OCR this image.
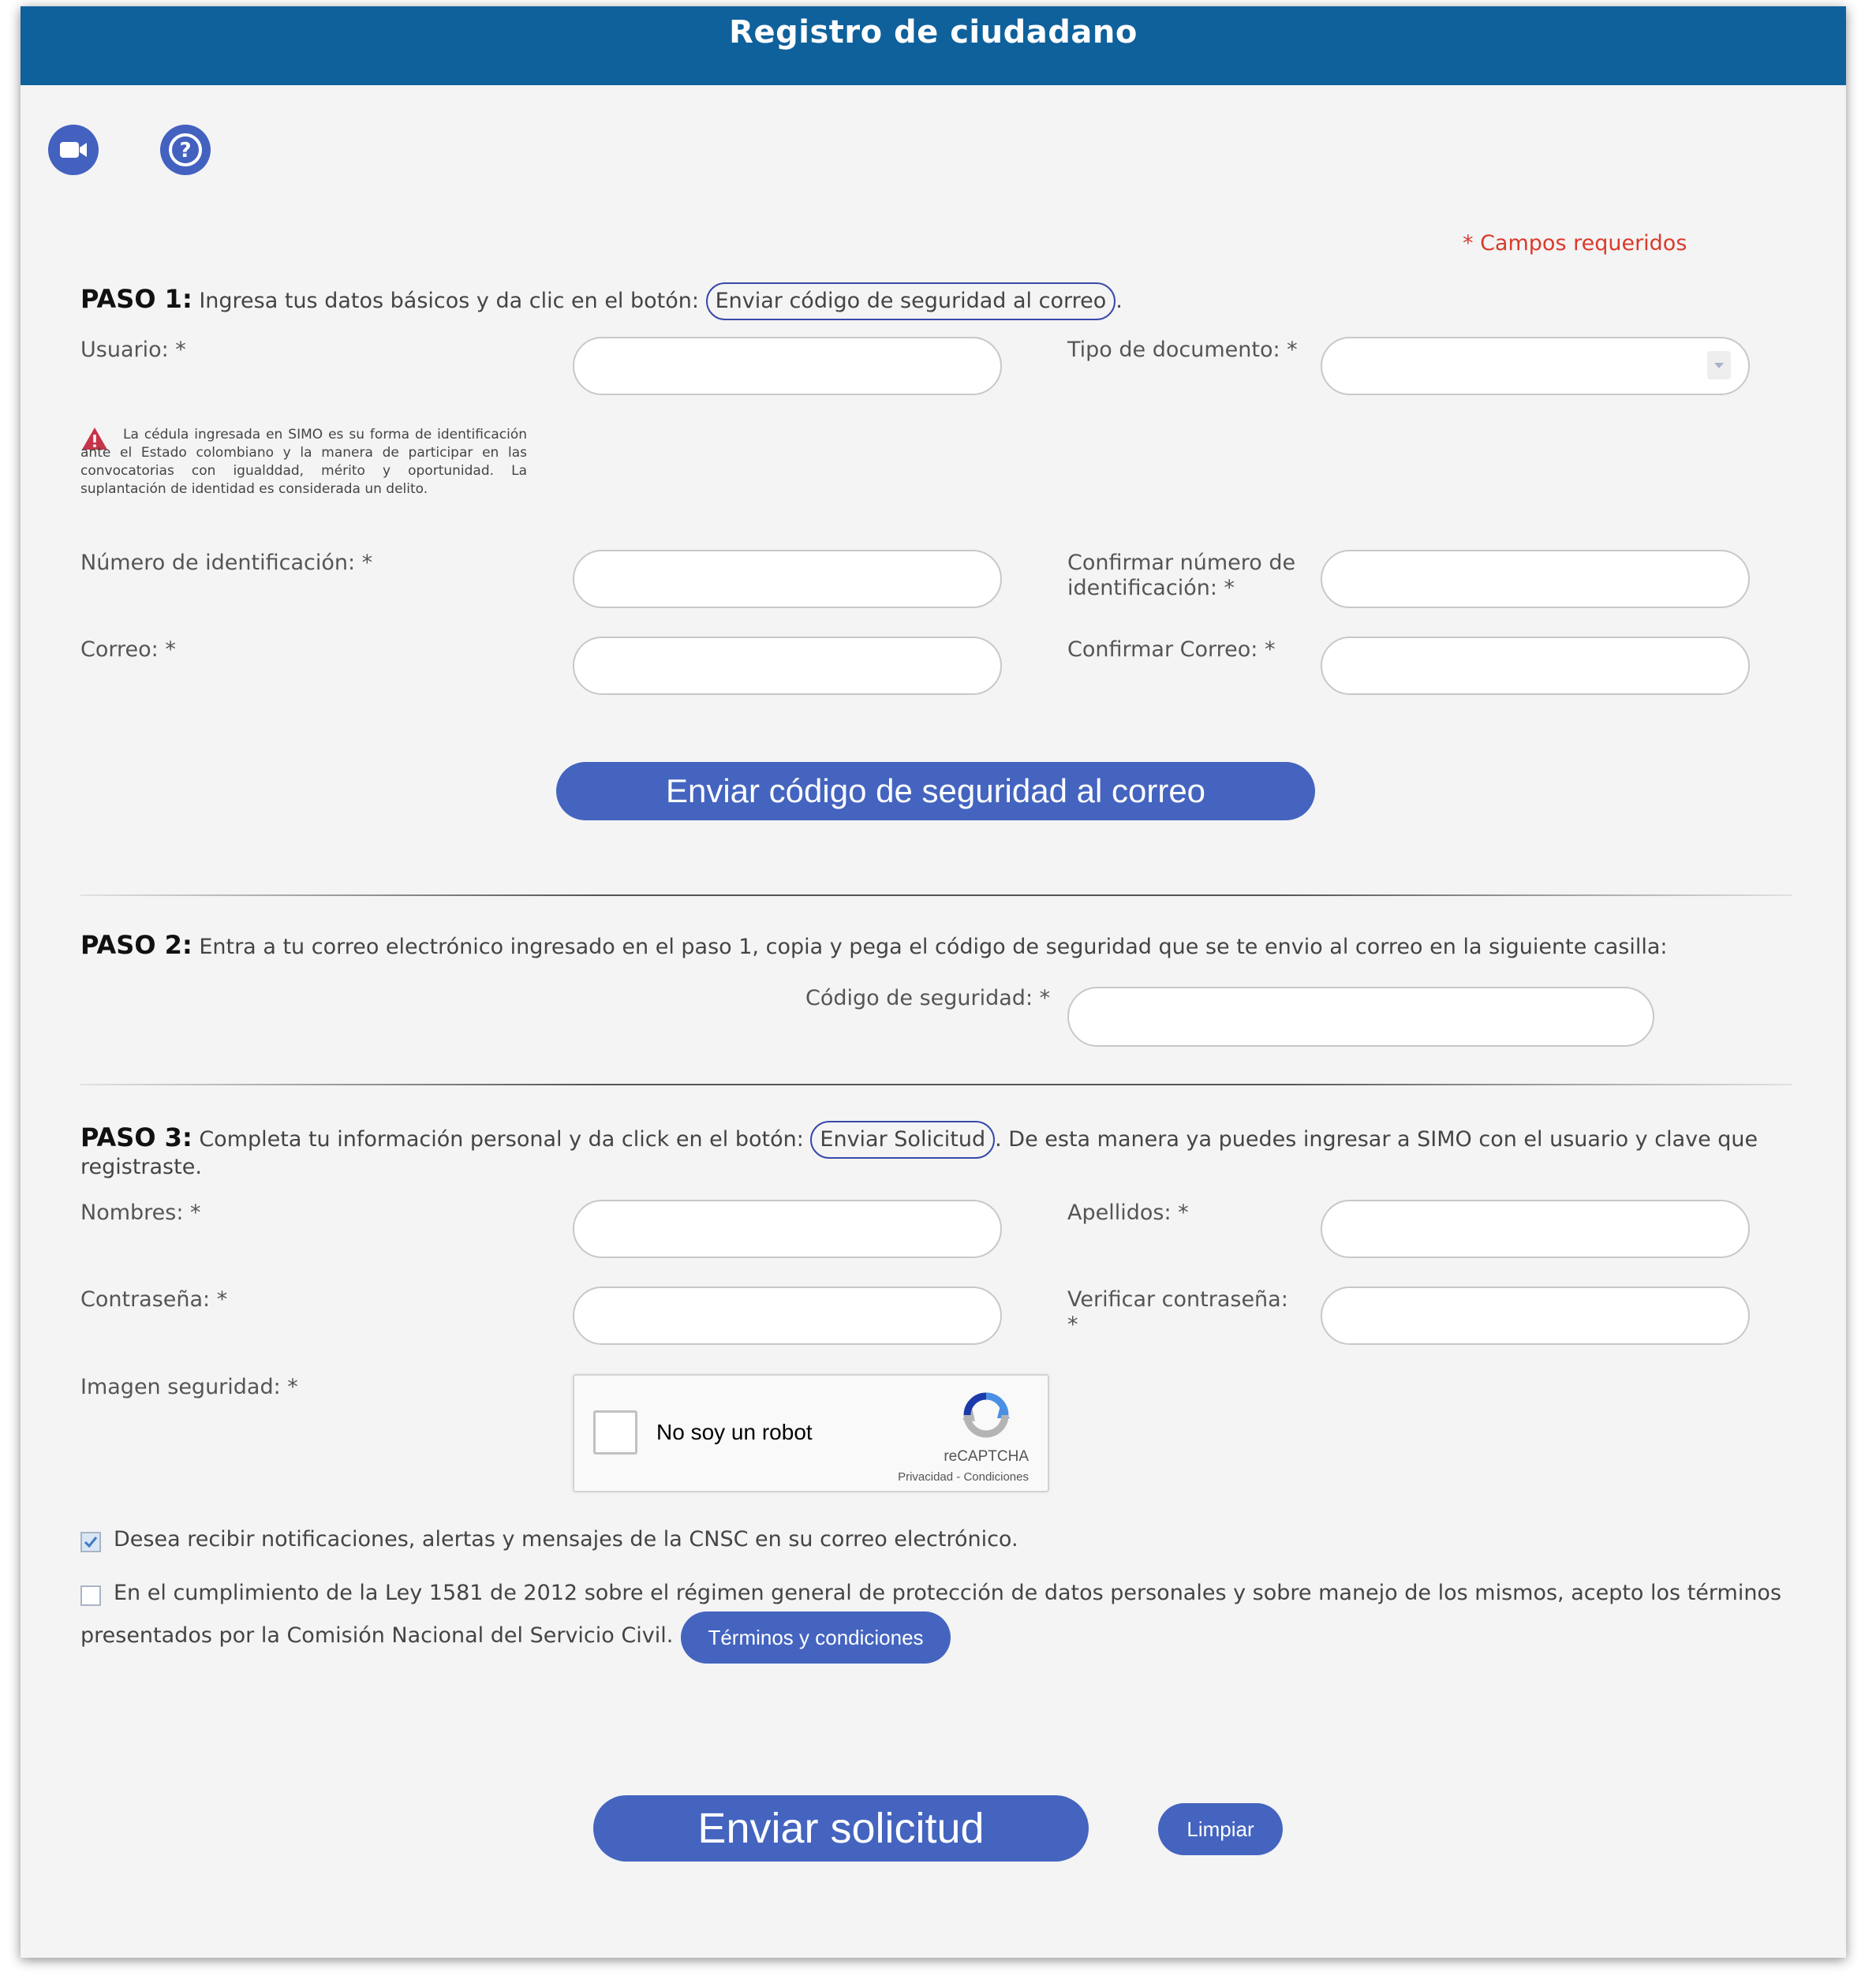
Registro de ciudadano
?
* Campos requeridos
PASO 1: Ingresa tus datos básicos y da clic en el botón: Enviar código de seguridad al correo .
Usuario: *	Tipo de documento: *
La cédula ingresada en SIMO es su forma de identificación ante el Estado colombiano y la manera de participar en las convocatorias con igualddad, mérito y oportunidad. La suplantación de identidad es considerada un delito.
Número de identificación: *	Confirmar número de
identificación: *
Correo: *	Confirmar Correo: *
Enviar código de seguridad al correo
PASO 2: Entra a tu correo electrónico ingresado en el paso 1, copia y pega el código de seguridad que se te envio al correo en la siguiente casilla:
Código de seguridad: *
PASO 3: Completa tu información personal y da click en el botón: Enviar Solicitud . De esta manera ya puedes ingresar a SIMO con el usuario y clave que
registraste.
Nombres: *	Apellidos: *
Contraseña: *	Verificar contraseña:
*
Imagen seguridad: *
No soy un robot
reCAPTCHA
Privacidad - Condiciones
Desea recibir notificaciones, alertas y mensajes de la CNSC en su correo electrónico.
En el cumplimiento de la Ley 1581 de 2012 sobre el régimen general de protección de datos personales y sobre manejo de los mismos, acepto los términos
presentados por la Comisión Nacional del Servicio Civil.	Términos y condiciones
Enviar solicitud	Limpiar
